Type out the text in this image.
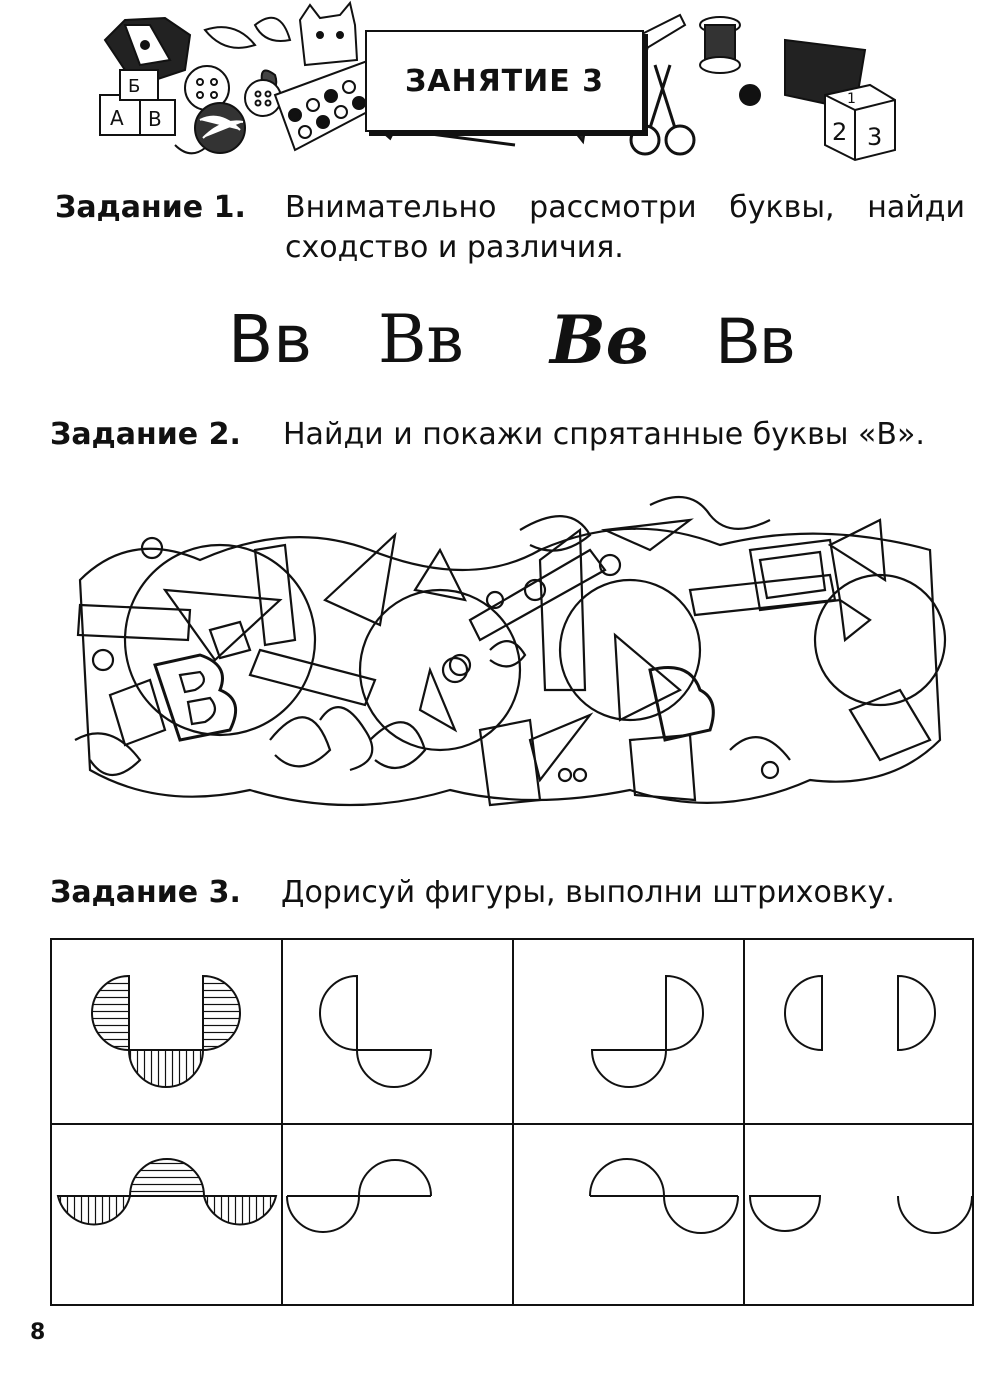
Б
А В
1
2 3
ЗАНЯТИЕ 3
Задание 1. Внимательно рассмотри буквы, найди сходство и различия.
Вв Вв Вв Вв
Задание 2. Найди и покажи спрятанные буквы «В».
Задание 3. Дорисуй фигуры, выполни штриховку.
8
